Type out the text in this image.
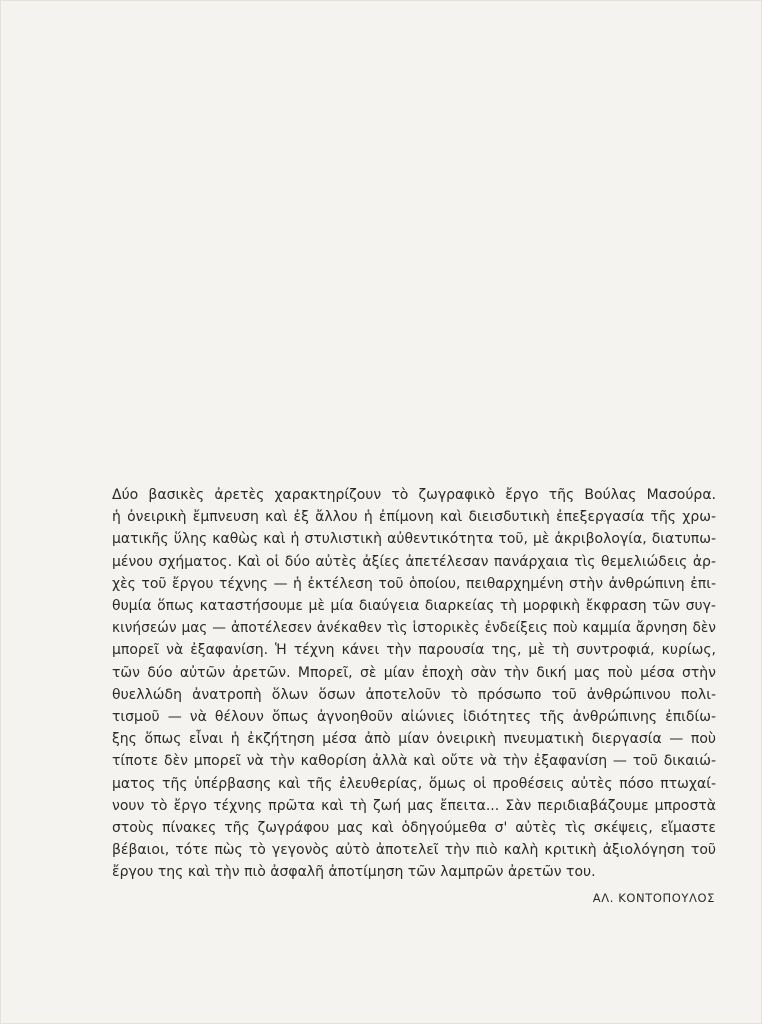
Δύο βασικὲς ἀρετὲς χαρακτηρίζουν τὸ ζωγραφικὸ ἔργο τῆς Βούλας Μασούρα.
ἡ ὀνειρικὴ ἔμπνευση καὶ ἐξ ἄλλου ἡ ἐπίμονη καὶ διεισδυτικὴ ἐπεξεργασία τῆς χρω-
ματικῆς ὕλης καθὼς καὶ ἡ στυλιστικὴ αὐθεντικότητα τοῦ, μὲ ἀκριβολογία, διατυπω-
μένου σχήματος. Καὶ οἱ δύο αὐτὲς ἀξίες ἀπετέλεσαν πανάρχαια τὶς θεμελιώδεις ἀρ-
χὲς τοῦ ἔργου τέχνης — ἡ ἐκτέλεση τοῦ ὁποίου, πειθαρχημένη στὴν ἀνθρώπινη ἐπι-
θυμία ὅπως καταστήσουμε μὲ μία διαύγεια διαρκείας τὴ μορφικὴ ἔκφραση τῶν συγ-
κινήσεών μας — ἀποτέλεσεν ἀνέκαθεν τὶς ἱστορικὲς ἐνδείξεις ποὺ καμμία ἄρνηση δὲν
μπορεῖ νὰ ἐξαφανίση. Ἡ τέχνη κάνει τὴν παρουσία της, μὲ τὴ συντροφιά, κυρίως,
τῶν δύο αὐτῶν ἀρετῶν. Μπορεῖ, σὲ μίαν ἐποχὴ σὰν τὴν δική μας ποὺ μέσα στὴν
θυελλώδη ἀνατροπὴ ὅλων ὅσων ἀποτελοῦν τὸ πρόσωπο τοῦ ἀνθρώπινου πολι-
τισμοῦ — νὰ θέλουν ὅπως ἀγνοηθοῦν αἰώνιες ἰδιότητες τῆς ἀνθρώπινης ἐπιδίω-
ξης ὅπως εἶναι ἡ ἐκζήτηση μέσα ἀπὸ μίαν ὀνειρικὴ πνευματικὴ διεργασία — ποὺ
τίποτε δὲν μπορεῖ νὰ τὴν καθορίση ἀλλὰ καὶ οὔτε νὰ τὴν ἐξαφανίση — τοῦ δικαιώ-
ματος τῆς ὑπέρβασης καὶ τῆς ἐλευθερίας, ὅμως οἱ προθέσεις αὐτὲς πόσο πτωχαί-
νουν τὸ ἔργο τέχνης πρῶτα καὶ τὴ ζωή μας ἔπειτα... Σὰν περιδιαβάζουμε μπροστὰ
στοὺς πίνακες τῆς ζωγράφου μας καὶ ὁδηγούμεθα σ' αὐτὲς τὶς σκέψεις, εἴμαστε
βέβαιοι, τότε πὼς τὸ γεγονὸς αὐτὸ ἀποτελεῖ τὴν πιὸ καλὴ κριτικὴ ἀξιολόγηση τοῦ
ἔργου της καὶ τὴν πιὸ ἀσφαλῆ ἀποτίμηση τῶν λαμπρῶν ἀρετῶν του.
ΑΛ. ΚΟΝΤΟΠΟΥΛΟΣ
